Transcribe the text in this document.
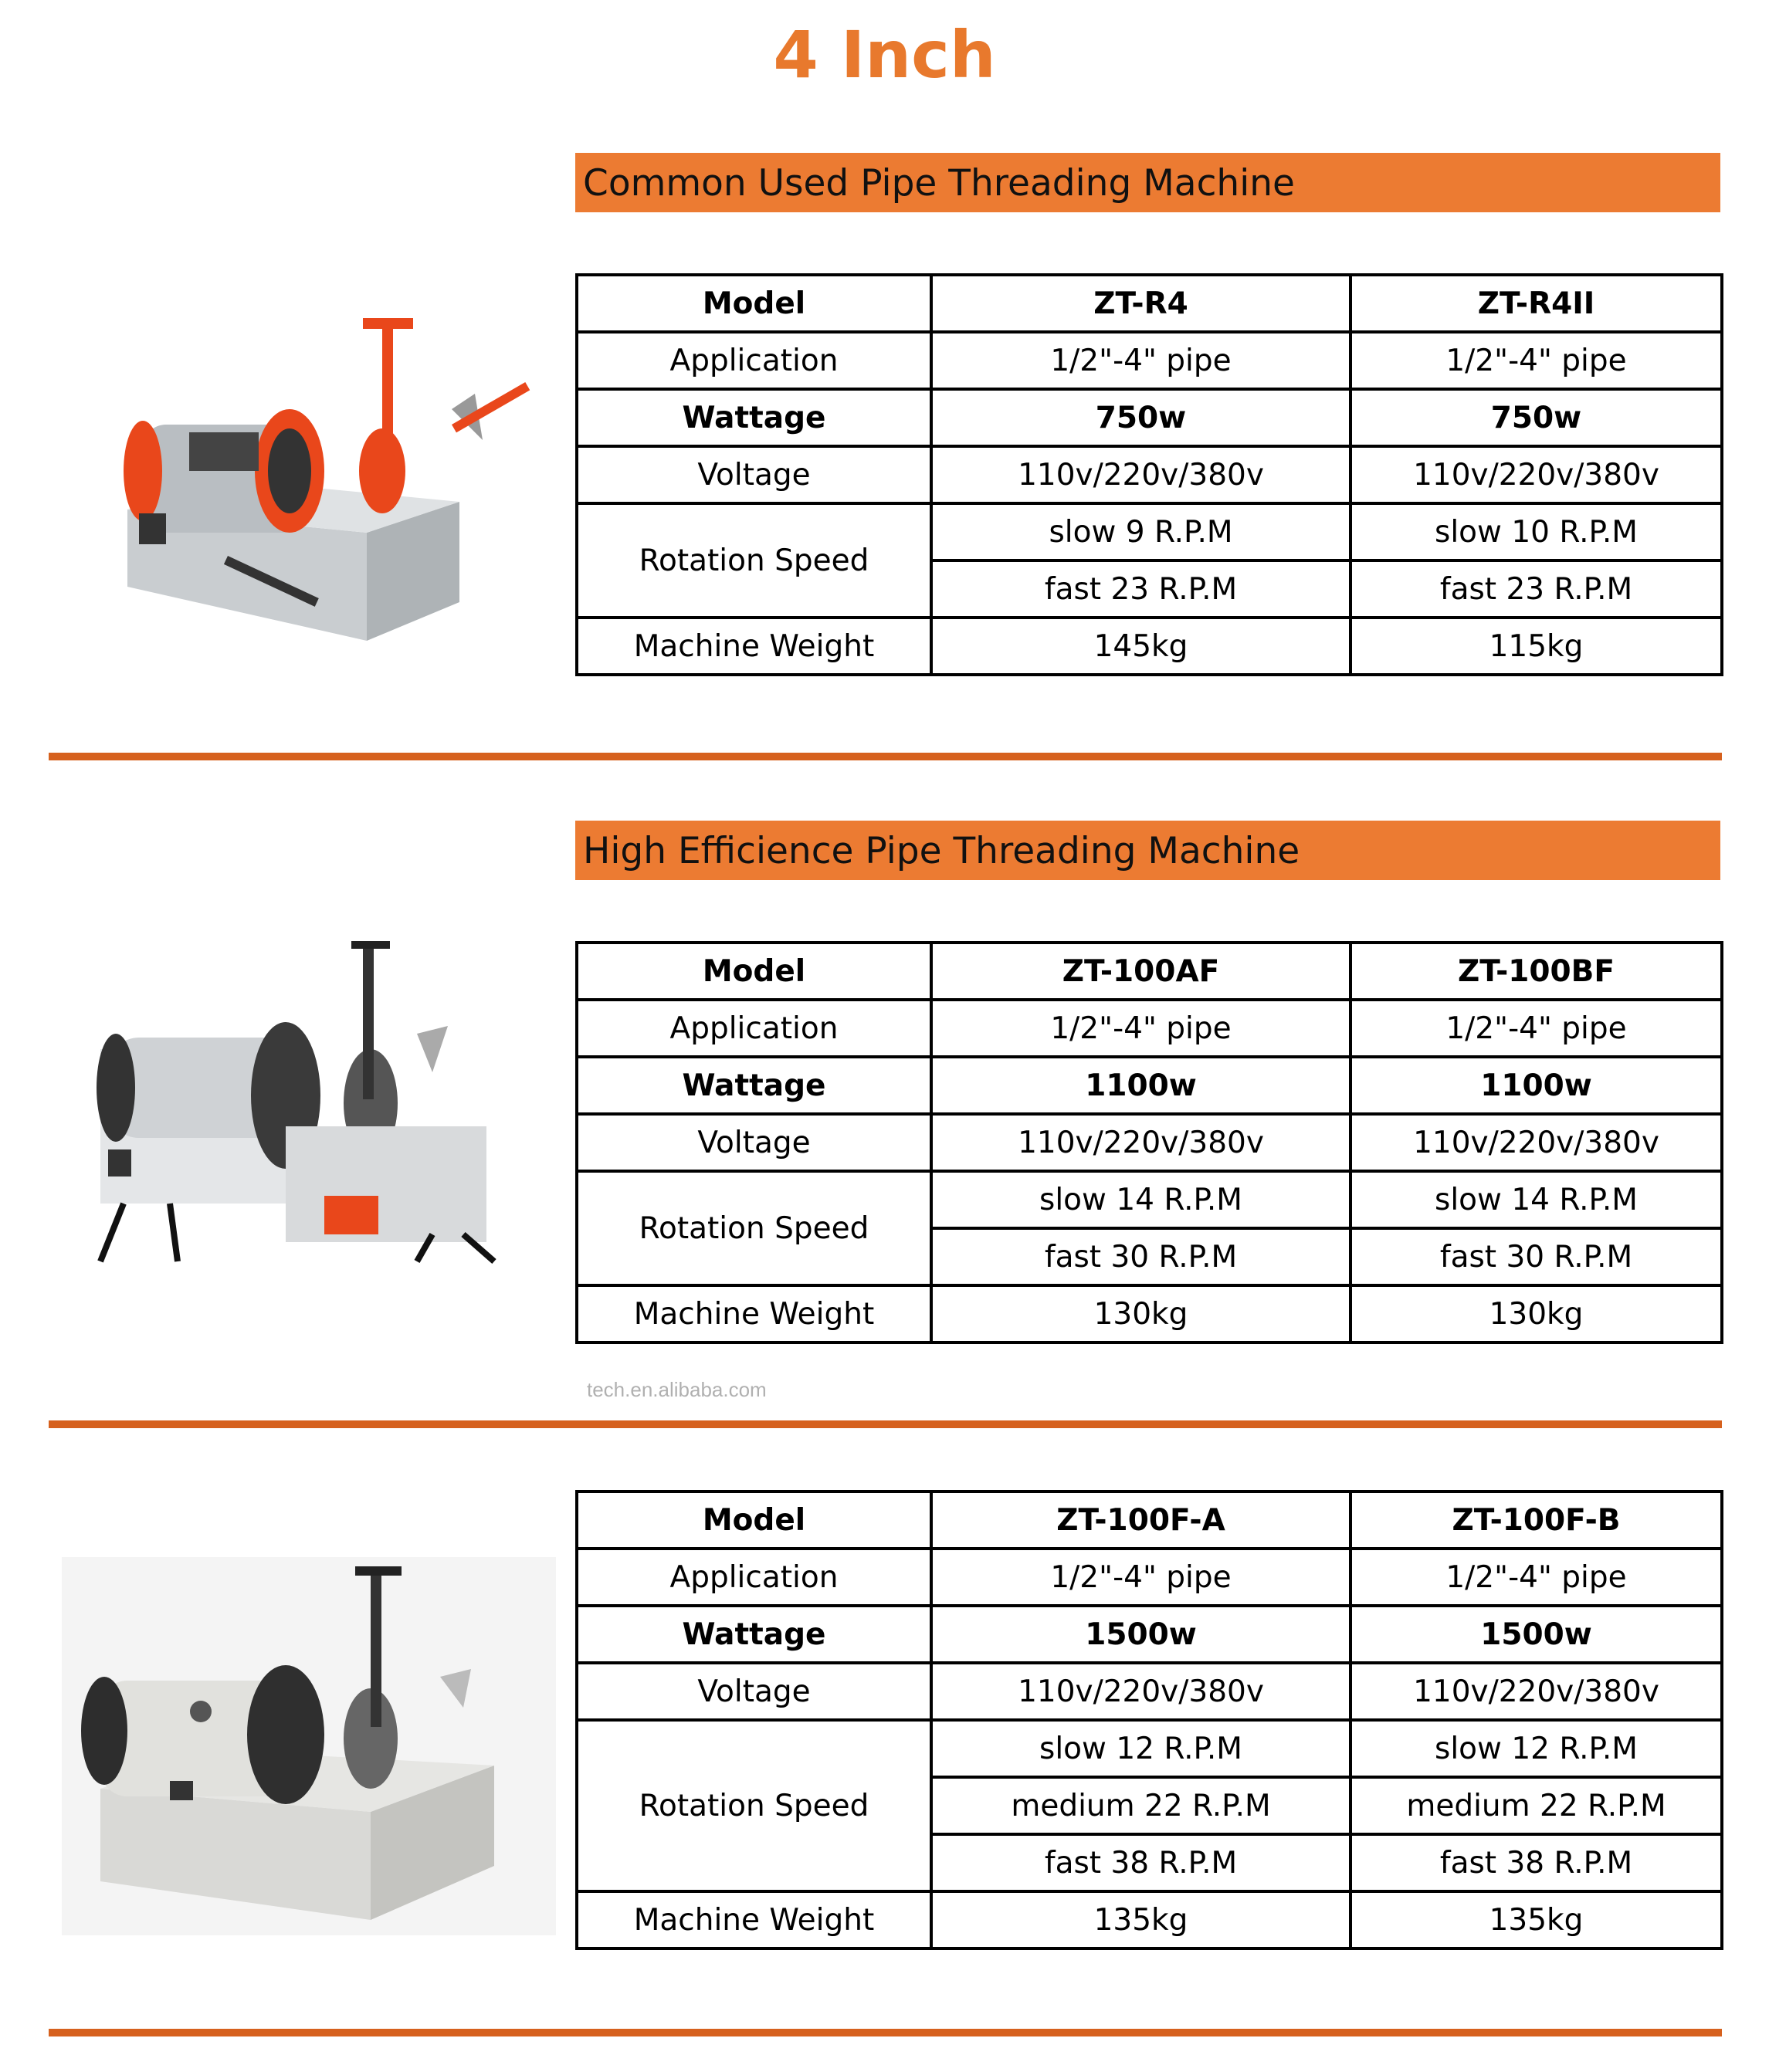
4 Inch
Common Used Pipe Threading Machine
Model	ZT-R4	ZT-R4II
Application	1/2"-4" pipe	1/2"-4" pipe
Wattage	750w	750w
Voltage	110v/220v/380v	110v/220v/380v
Rotation Speed	slow 9 R.P.M	slow 10 R.P.M
	fast 23 R.P.M	fast 23 R.P.M
Machine Weight	145kg	115kg
High Efficience Pipe Threading Machine
Model	ZT-100AF	ZT-100BF
Application	1/2"-4" pipe	1/2"-4" pipe
Wattage	1100w	1100w
Voltage	110v/220v/380v	110v/220v/380v
Rotation Speed	slow 14 R.P.M	slow 14 R.P.M
	fast 30 R.P.M	fast 30 R.P.M
Machine Weight	130kg	130kg
Model	ZT-100F-A	ZT-100F-B
Application	1/2"-4" pipe	1/2"-4" pipe
Wattage	1500w	1500w
Voltage	110v/220v/380v	110v/220v/380v
Rotation Speed	slow 12 R.P.M	slow 12 R.P.M
	medium 22 R.P.M	medium 22 R.P.M
	fast 38 R.P.M	fast 38 R.P.M
Machine Weight	135kg	135kg
tech.en.alibaba.com
